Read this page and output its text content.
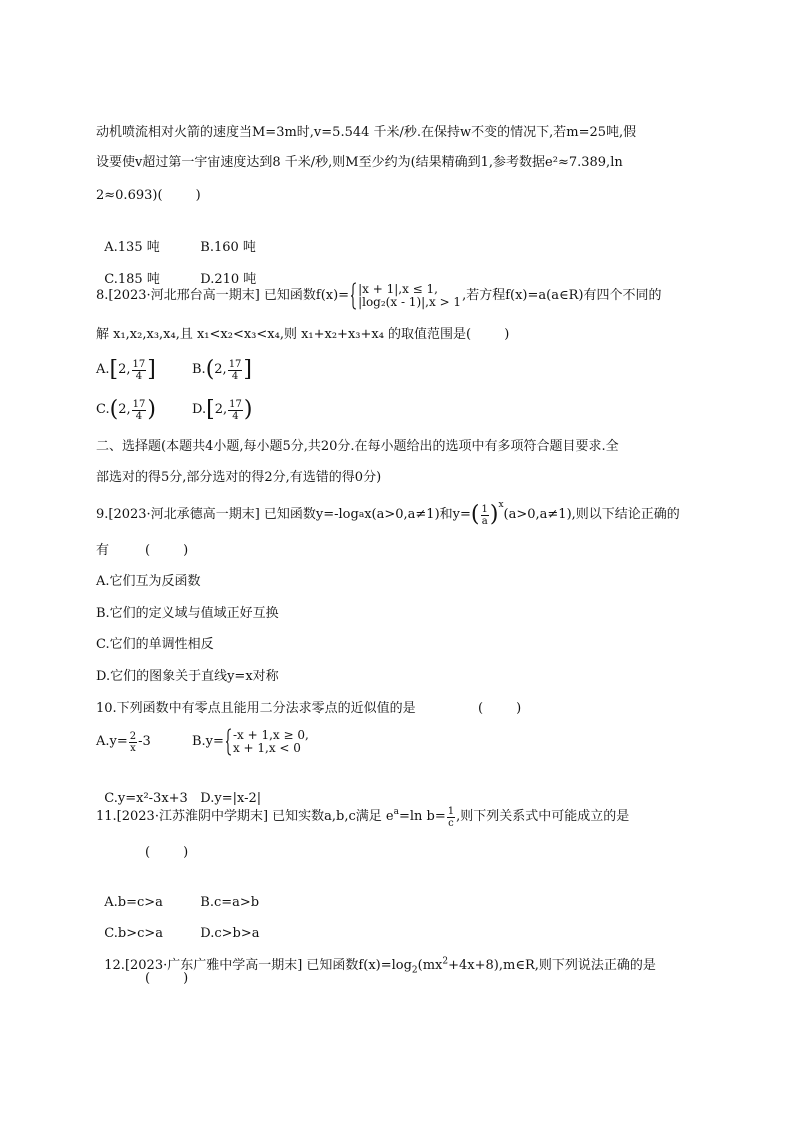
动机喷流相对火箭的速度当M=3m时,v=5.544 千米/秒.在保持w不变的情况下,若m=25吨,假
设要使v超过第一宇宙速度达到8 千米/秒,则M至少约为(结果精确到1,参考数据e²≈7.389,ln
2≈0.693)(        )

A.135 吨	B.160 吨

C.185 吨	D.210 吨

8.[2023·河北邢台高一期末] 已知函数f(x)= |x + 1|,x ≤ 1,
|log₂(x - 1)|,x > 1 ,若方程f(x)=a(a∈R)有四个不同的
解 x₁,x₂,x₃,x₄,且 x₁<x₂<x₃<x₄,则 x₁+x₂+x₃+x₄ 的取值范围是(        )
A. [ 2, $\frac{17}{4}$ ]	B. ( 2, $\frac{17}{4}$ ]
C. ( 2, $\frac{17}{4}$ )	D. [ 2, $\frac{17}{4}$ )
二、选择题(本题共4小题,每小题5分,共20分.在每小题给出的选项中有多项符合题目要求.全
部选对的得5分,部分选对的得2分,有选错的得0分)
9.[2023·河北承德高一期末] 已知函数y=-log a x(a>0,a≠1)和y= ( $\frac{1}{a}$ ) x
(a>0,a≠1),则以下结论正确的
有	(        )
A.它们互为反函数
B.它们的定义域与值域正好互换
C.它们的单调性相反
D.它们的图象关于直线y=x对称
10.下列函数中有零点且能用二分法求零点的近似值的是	(        )
$A.y= \frac{2}{x} -3$	B.y= -x + 1,x ≥ 0,
x + 1,x < 0

C.y=x²-3x+3 D.y=|x-2|

11.[2023·江苏淮阴中学期末] 已知实数a,b,c满足 e a =ln $b= \frac{1}{c}$ ,则下列关系式中可能成立的是
(        )

A.b=c>a	B.c=a>b

C.b>c>a	D.c>b>a

12.[2023·广东广雅中学高一期末] 已知函数$f(x)=\log_2(mx^2+4x+8),m\in R$,则下列说法正确的是

(        )
